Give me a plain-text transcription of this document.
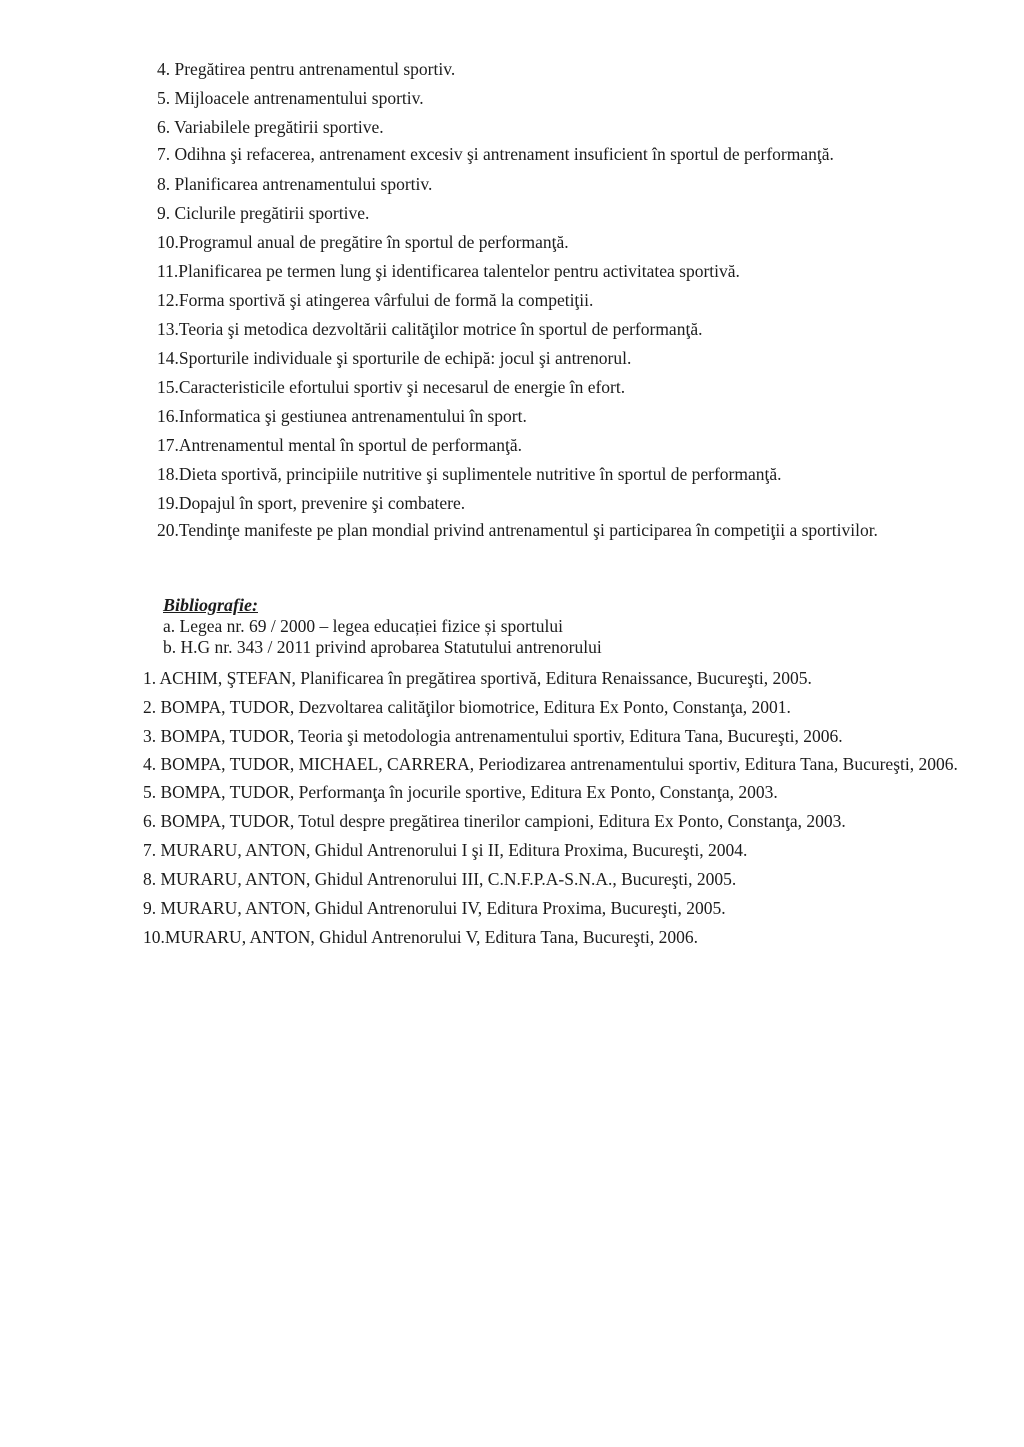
4. Pregătirea pentru antrenamentul sportiv.
5. Mijloacele antrenamentului sportiv.
6. Variabilele pregătirii sportive.
7. Odihna şi refacerea, antrenament excesiv şi antrenament insuficient în sportul de performanţă.
8. Planificarea antrenamentului sportiv.
9. Ciclurile pregătirii sportive.
10.Programul anual de pregătire în sportul de performanţă.
11.Planificarea pe termen lung şi identificarea talentelor pentru activitatea sportivă.
12.Forma sportivă şi atingerea vârfului de formă la competiţii.
13.Teoria şi metodica dezvoltării calităţilor motrice în sportul de performanţă.
14.Sporturile individuale şi sporturile de echipă: jocul şi antrenorul.
15.Caracteristicile efortului sportiv şi necesarul de energie în efort.
16.Informatica şi gestiunea antrenamentului în sport.
17.Antrenamentul mental în sportul de performanţă.
18.Dieta sportivă, principiile nutritive şi suplimentele nutritive în sportul de performanţă.
19.Dopajul în sport, prevenire şi combatere.
20.Tendinţe manifeste pe plan mondial privind antrenamentul şi participarea în competiţii a sportivilor.
Bibliografie:
a. Legea nr. 69 / 2000 – legea educației fizice și sportului
b. H.G nr. 343 / 2011 privind aprobarea Statutului antrenorului
1. ACHIM, ŞTEFAN, Planificarea în pregătirea sportivă, Editura Renaissance, Bucureşti, 2005.
2. BOMPA, TUDOR, Dezvoltarea calităţilor biomotrice, Editura Ex Ponto, Constanţa, 2001.
3. BOMPA, TUDOR, Teoria şi metodologia antrenamentului sportiv, Editura Tana, Bucureşti, 2006.
4. BOMPA, TUDOR, MICHAEL, CARRERA, Periodizarea antrenamentului sportiv, Editura Tana, Bucureşti, 2006.
5. BOMPA, TUDOR, Performanţa în jocurile sportive, Editura Ex Ponto, Constanţa, 2003.
6. BOMPA, TUDOR, Totul despre pregătirea tinerilor campioni, Editura Ex Ponto, Constanţa, 2003.
7. MURARU, ANTON, Ghidul Antrenorului I şi II, Editura Proxima, Bucureşti, 2004.
8. MURARU, ANTON, Ghidul Antrenorului III, C.N.F.P.A-S.N.A., Bucureşti, 2005.
9. MURARU, ANTON, Ghidul Antrenorului IV, Editura Proxima, Bucureşti, 2005.
10.MURARU, ANTON, Ghidul Antrenorului V, Editura Tana, Bucureşti, 2006.
